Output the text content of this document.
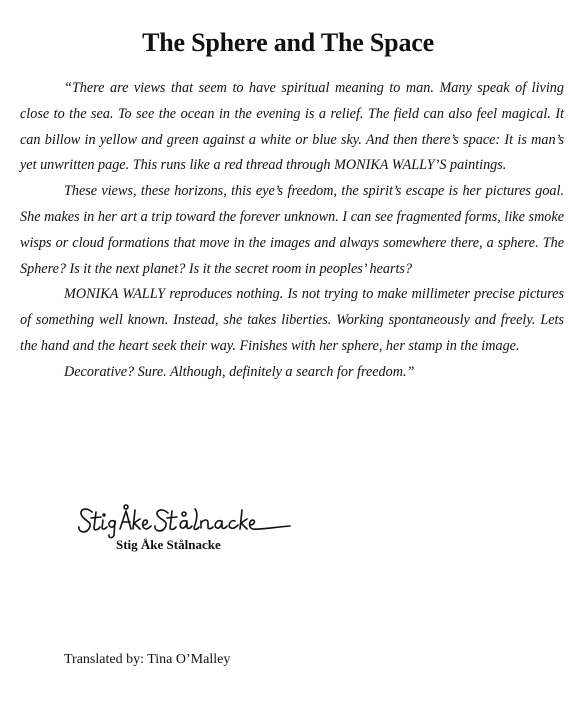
The Sphere and The Space

“There are views that seem to have spiritual meaning to man. Many speak of living close to the sea. To see the ocean in the evening is a relief. The field can also feel magical. It can billow in yellow and green against a white or blue sky. And then there’s space: It is man’s yet unwritten page. This runs like a red thread through MONIKA WALLY’S paintings.

These views, these horizons, this eye’s freedom, the spirit’s escape is her pictures goal. She makes in her art a trip toward the forever unknown. I can see fragmented forms, like smoke wisps or cloud formations that move in the images and always somewhere there, a sphere. The Sphere? Is it the next planet? Is it the secret room in peoples’ hearts?

MONIKA WALLY reproduces nothing. Is not trying to make millimeter precise pictures of something well known. Instead, she takes liberties. Working spontaneously and freely. Lets the hand and the heart seek their way. Finishes with her sphere, her stamp in the image.

Decorative? Sure. Although, definitely a search for freedom.”

Stig Åke Stålnacke
Translated by: Tina O’Malley
